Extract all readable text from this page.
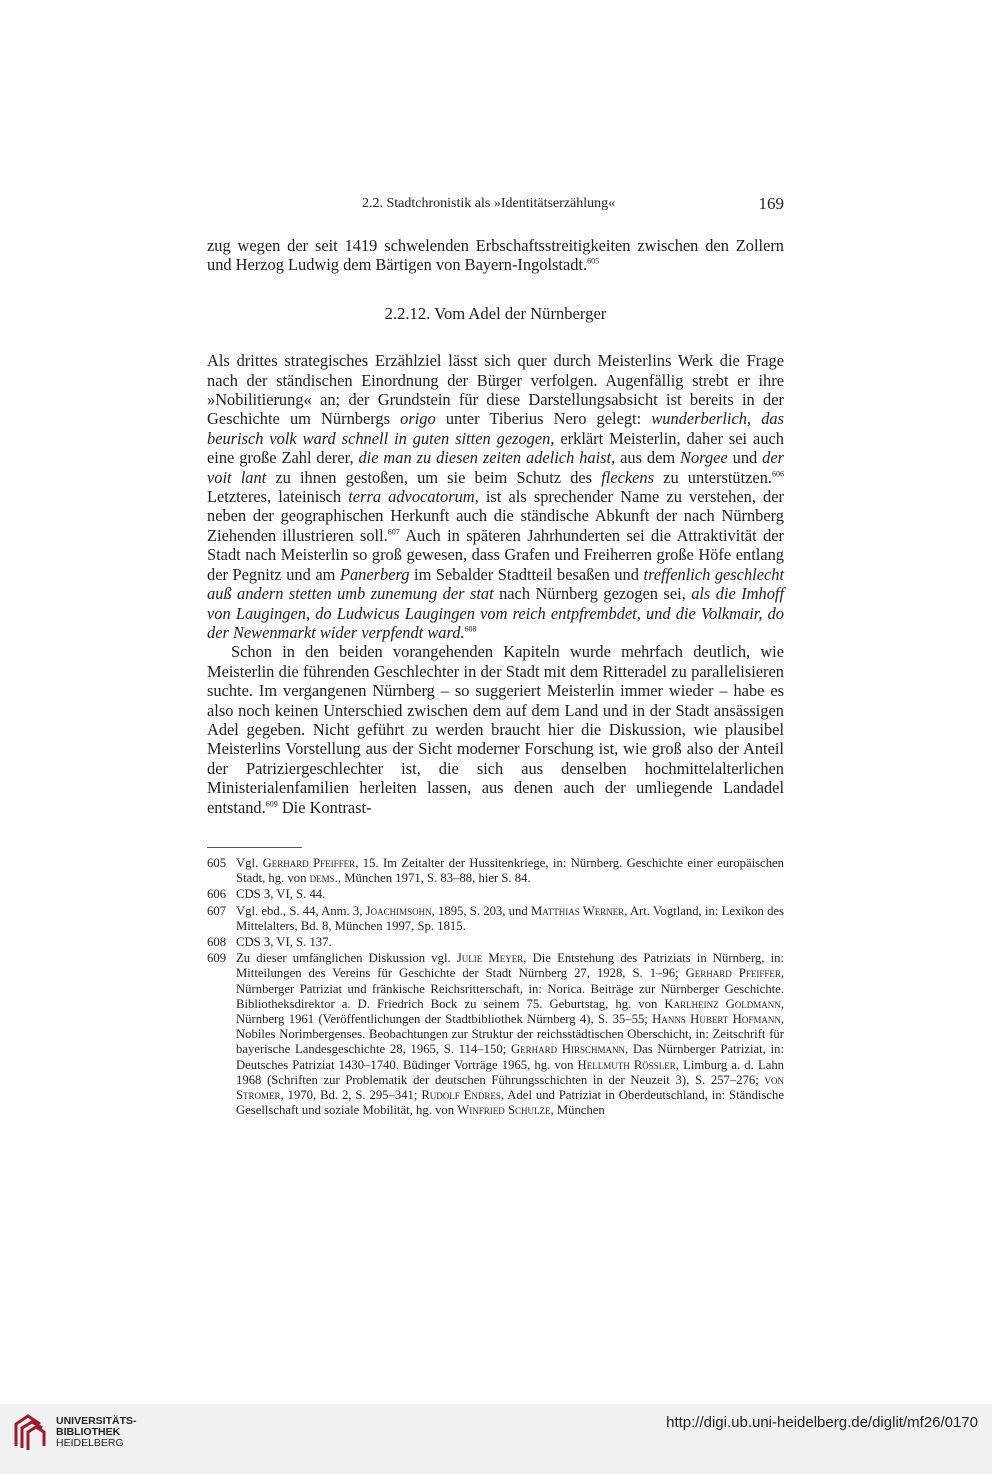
2.2. Stadtchronistik als »Identitätserzählung«	169

zug wegen der seit 1419 schwelenden Erbschaftsstreitigkeiten zwischen den Zollern und Herzog Ludwig dem Bärtigen von Bayern-Ingolstadt.$^{605}$

2.2.12. Vom Adel der Nürnberger

Als drittes strategisches Erzählziel lässt sich quer durch Meisterlins Werk die Frage nach der ständischen Einordnung der Bürger verfolgen. Augenfällig strebt er ihre »Nobilitierung« an; der Grundstein für diese Darstellungsabsicht ist bereits in der Geschichte um Nürnbergs origo unter Tiberius Nero gelegt: wunderberlich, das beurisch volk ward schnell in guten sitten gezogen, erklärt Meisterlin, daher sei auch eine große Zahl derer, die man zu diesen zeiten adelich haist, aus dem Norgee und der voit lant zu ihnen gestoßen, um sie beim Schutz des fleckens zu unterstützen.$^{606}$ Letzteres, lateinisch terra advocatorum, ist als sprechender Name zu verstehen, der neben der geographischen Herkunft auch die ständische Abkunft der nach Nürnberg Ziehenden illustrieren soll.$^{607}$ Auch in späteren Jahrhunderten sei die Attraktivität der Stadt nach Meisterlin so groß gewesen, dass Grafen und Freiherren große Höfe entlang der Pegnitz und am Panerberg im Sebalder Stadtteil besaßen und treffenlich geschlecht auß andern stetten umb zunemung der stat nach Nürnberg gezogen sei, als die Imhoff von Laugingen, do Ludwicus Laugingen vom reich entpfrembdet, und die Volkmair, do der Newenmarkt wider verpfendt ward.$^{608}$

Schon in den beiden vorangehenden Kapiteln wurde mehrfach deutlich, wie Meisterlin die führenden Geschlechter in der Stadt mit dem Ritteradel zu parallelisieren suchte. Im vergangenen Nürnberg – so suggeriert Meisterlin immer wieder – habe es also noch keinen Unterschied zwischen dem auf dem Land und in der Stadt ansässigen Adel gegeben. Nicht geführt zu werden braucht hier die Diskussion, wie plausibel Meisterlins Vorstellung aus der Sicht moderner Forschung ist, wie groß also der Anteil der Patriziergeschlechter ist, die sich aus denselben hochmittelalterlichen Ministerialenfamilien herleiten lassen, aus denen auch der umliegende Landadel entstand.$^{609}$ Die Kontrast-

605 Vgl. Gerhard Pfeiffer, 15. Im Zeitalter der Hussitenkriege, in: Nürnberg. Geschichte einer europäischen Stadt, hg. von dems., München 1971, S. 83–88, hier S. 84.
606 CDS 3, VI, S. 44.
607 Vgl. ebd., S. 44, Anm. 3, Joachimsohn, 1895, S. 203, und Matthias Werner, Art. Vogtland, in: Lexikon des Mittelalters, Bd. 8, München 1997, Sp. 1815.
608 CDS 3, VI, S. 137.
609 Zu dieser umfänglichen Diskussion vgl. Julie Meyer, Die Entstehung des Patriziats in Nürnberg, in: Mitteilungen des Vereins für Geschichte der Stadt Nürnberg 27, 1928, S. 1–96; Gerhard Pfeiffer, Nürnberger Patriziat und fränkische Reichsritterschaft, in: Norica. Beiträge zur Nürnberger Geschichte. Bibliotheksdirektor a. D. Friedrich Bock zu seinem 75. Geburtstag, hg. von Karlheinz Goldmann, Nürnberg 1961 (Veröffentlichungen der Stadtbibliothek Nürnberg 4), S. 35–55; Hanns Hubert Hofmann, Nobiles Norimbergenses. Beobachtungen zur Struktur der reichsstädtischen Oberschicht, in: Zeitschrift für bayerische Landesgeschichte 28, 1965, S. 114–150; Gerhard Hirschmann, Das Nürnberger Patriziat, in: Deutsches Patriziat 1430–1740. Büdinger Vorträge 1965, hg. von Hellmuth Rössler, Limburg a. d. Lahn 1968 (Schriften zur Problematik der deutschen Führungsschichten in der Neuzeit 3), S. 257–276; von Stromer, 1970, Bd. 2, S. 295–341; Rudolf Endres, Adel und Patriziat in Oberdeutschland, in: Ständische Gesellschaft und soziale Mobilität, hg. von Winfried Schulze, München
UNIVERSITÄTS-
BIBLIOTHEK
HEIDELBERG
http://digi.ub.uni-heidelberg.de/diglit/mf26/0170
